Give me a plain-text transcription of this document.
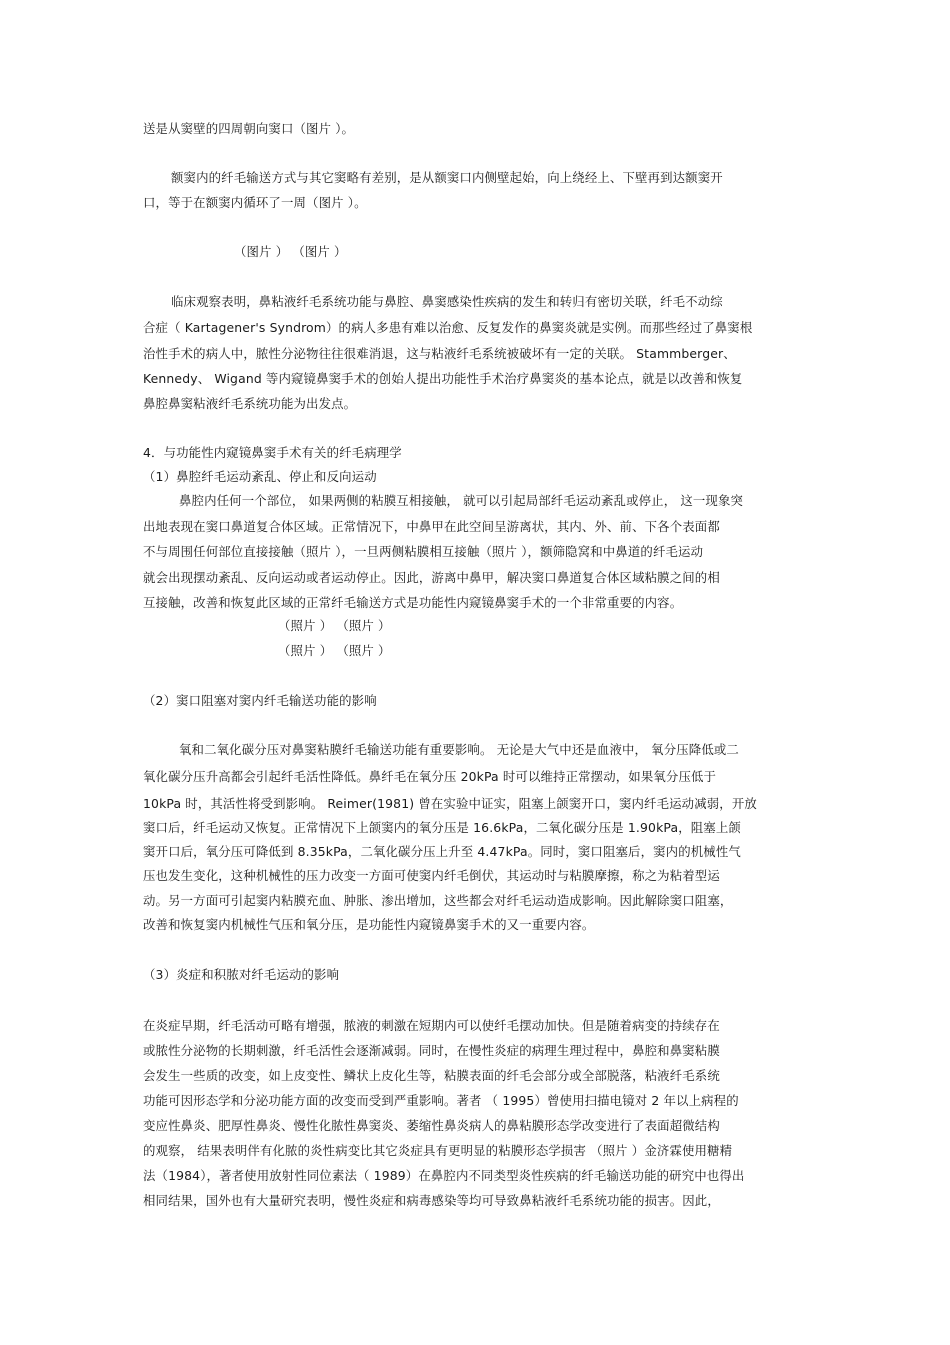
送是从窦壁的四周朝向窦口（图片 ）。
额窦内的纤毛输送方式与其它窦略有差别，是从额窦口内侧壁起始，向上绕经上、下壁再到达额窦开
口，等于在额窦内循环了一周（图片 ）。
（图片 ） （图片 ）
临床观察表明，鼻粘液纤毛系统功能与鼻腔、鼻窦感染性疾病的发生和转归有密切关联，纤毛不动综
合症（ Kartagener's Syndrom）的病人多患有难以治愈、反复发作的鼻窦炎就是实例。而那些经过了鼻窦根
治性手术的病人中，脓性分泌物往往很难消退，这与粘液纤毛系统被破坏有一定的关联。 Stammberger、
Kennedy、 Wigand 等内窥镜鼻窦手术的创始人提出功能性手术治疗鼻窦炎的基本论点，就是以改善和恢复
鼻腔鼻窦粘液纤毛系统功能为出发点。
4．与功能性内窥镜鼻窦手术有关的纤毛病理学
（1）鼻腔纤毛运动紊乱、停止和反向运动
鼻腔内任何一个部位， 如果两侧的粘膜互相接触， 就可以引起局部纤毛运动紊乱或停止， 这一现象突
出地表现在窦口鼻道复合体区域。正常情况下，中鼻甲在此空间呈游离状，其内、外、前、下各个表面都
不与周围任何部位直接接触（照片 ），一旦两侧粘膜相互接触（照片 ），额筛隐窝和中鼻道的纤毛运动
就会出现摆动紊乱、反向运动或者运动停止。因此，游离中鼻甲，解决窦口鼻道复合体区域粘膜之间的相
互接触，改善和恢复此区域的正常纤毛输送方式是功能性内窥镜鼻窦手术的一个非常重要的内容。
（照片 ） （照片 ）
（照片 ） （照片 ）
（2）窦口阻塞对窦内纤毛输送功能的影响
氧和二氧化碳分压对鼻窦粘膜纤毛输送功能有重要影响。 无论是大气中还是血液中， 氧分压降低或二
氧化碳分压升高都会引起纤毛活性降低。鼻纤毛在氧分压 20kPa 时可以维持正常摆动，如果氧分压低于
10kPa 时，其活性将受到影响。 Reimer(1981) 曾在实验中证实，阻塞上颌窦开口，窦内纤毛运动减弱，开放
窦口后，纤毛运动又恢复。正常情况下上颌窦内的氧分压是 16.6kPa，二氧化碳分压是 1.90kPa，阻塞上颌
窦开口后，氧分压可降低到 8.35kPa，二氧化碳分压上升至 4.47kPa。同时，窦口阻塞后，窦内的机械性气
压也发生变化，这种机械性的压力改变一方面可使窦内纤毛倒伏，其运动时与粘膜摩擦，称之为粘着型运
动。另一方面可引起窦内粘膜充血、肿胀、渗出增加，这些都会对纤毛运动造成影响。因此解除窦口阻塞，
改善和恢复窦内机械性气压和氧分压，是功能性内窥镜鼻窦手术的又一重要内容。
（3）炎症和积脓对纤毛运动的影响
在炎症早期，纤毛活动可略有增强，脓液的刺激在短期内可以使纤毛摆动加快。但是随着病变的持续存在
或脓性分泌物的长期刺激，纤毛活性会逐渐减弱。同时，在慢性炎症的病理生理过程中，鼻腔和鼻窦粘膜
会发生一些质的改变，如上皮变性、鳞状上皮化生等，粘膜表面的纤毛会部分或全部脱落，粘液纤毛系统
功能可因形态学和分泌功能方面的改变而受到严重影响。著者 （ 1995）曾使用扫描电镜对 2 年以上病程的
变应性鼻炎、肥厚性鼻炎、慢性化脓性鼻窦炎、萎缩性鼻炎病人的鼻粘膜形态学改变进行了表面超微结构
的观察， 结果表明伴有化脓的炎性病变比其它炎症具有更明显的粘膜形态学损害 （照片 ）金济霖使用糖精
法（1984），著者使用放射性同位素法（ 1989）在鼻腔内不同类型炎性疾病的纤毛输送功能的研究中也得出
相同结果，国外也有大量研究表明，慢性炎症和病毒感染等均可导致鼻粘液纤毛系统功能的损害。因此，
